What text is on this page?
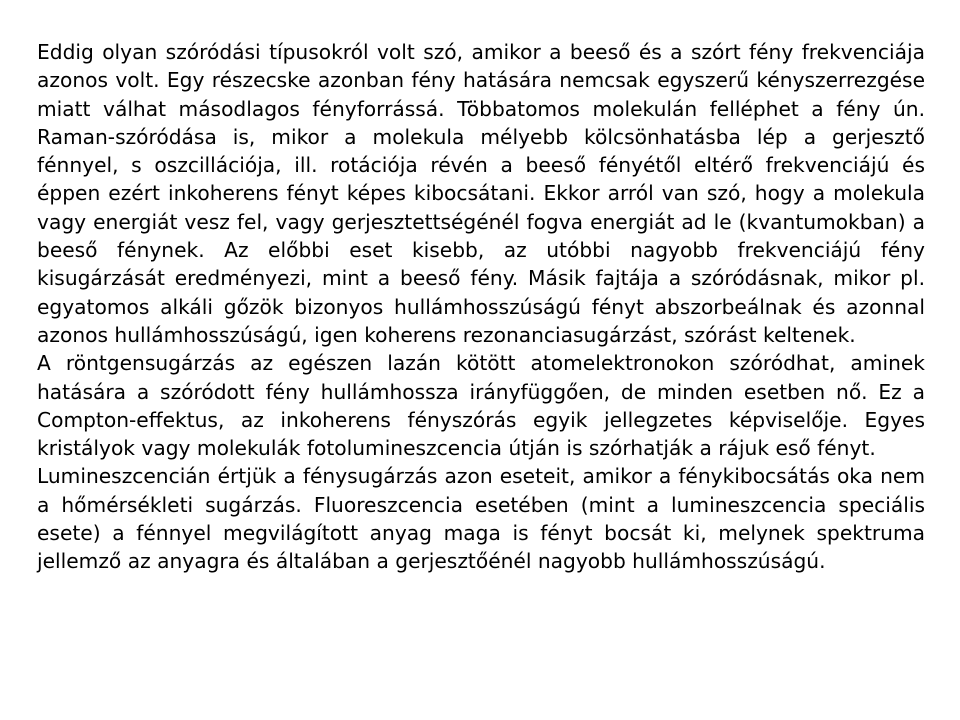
Eddig olyan szóródási típusokról volt szó, amikor a beeső és a szórt fény frekvenciája azonos volt. Egy részecske azonban fény hatására nemcsak egyszerű kényszerrezgése miatt válhat másodlagos fényforrássá. Többatomos molekulán felléphet a fény ún. Raman-szóródása is, mikor a molekula mélyebb kölcsönhatásba lép a gerjesztő fénnyel, s oszcillációja, ill. rotációja révén a beeső fényétől eltérő frekvenciájú és éppen ezért inkoherens fényt képes kibocsátani. Ekkor arról van szó, hogy a molekula vagy energiát vesz fel, vagy gerjesztettségénél fogva energiát ad le (kvantumokban) a beeső fénynek. Az előbbi eset kisebb, az utóbbi nagyobb frekvenciájú fény kisugárzását eredményezi, mint a beeső fény. Másik fajtája a szóródásnak, mikor pl. egyatomos alkáli gőzök bizonyos hullámhosszúságú fényt abszorbeálnak és azonnal azonos hullámhosszúságú, igen koherens rezonanciasugárzást, szórást keltenek.

A röntgensugárzás az egészen lazán kötött atomelektronokon szóródhat, aminek hatására a szóródott fény hullámhossza irányfüggően, de minden esetben nő. Ez a Compton-effektus, az inkoherens fényszórás egyik jellegzetes képviselője. Egyes kristályok vagy molekulák fotolumineszcencia útján is szórhatják a rájuk eső fényt.

Lumineszcencián értjük a fénysugárzás azon eseteit, amikor a fénykibocsátás oka nem a hőmérsékleti sugárzás. Fluoreszcencia esetében (mint a lumineszcencia speciális esete) a fénnyel megvilágított anyag maga is fényt bocsát ki, melynek spektruma jellemző az anyagra és általában a gerjesztőénél nagyobb hullámhosszúságú.
